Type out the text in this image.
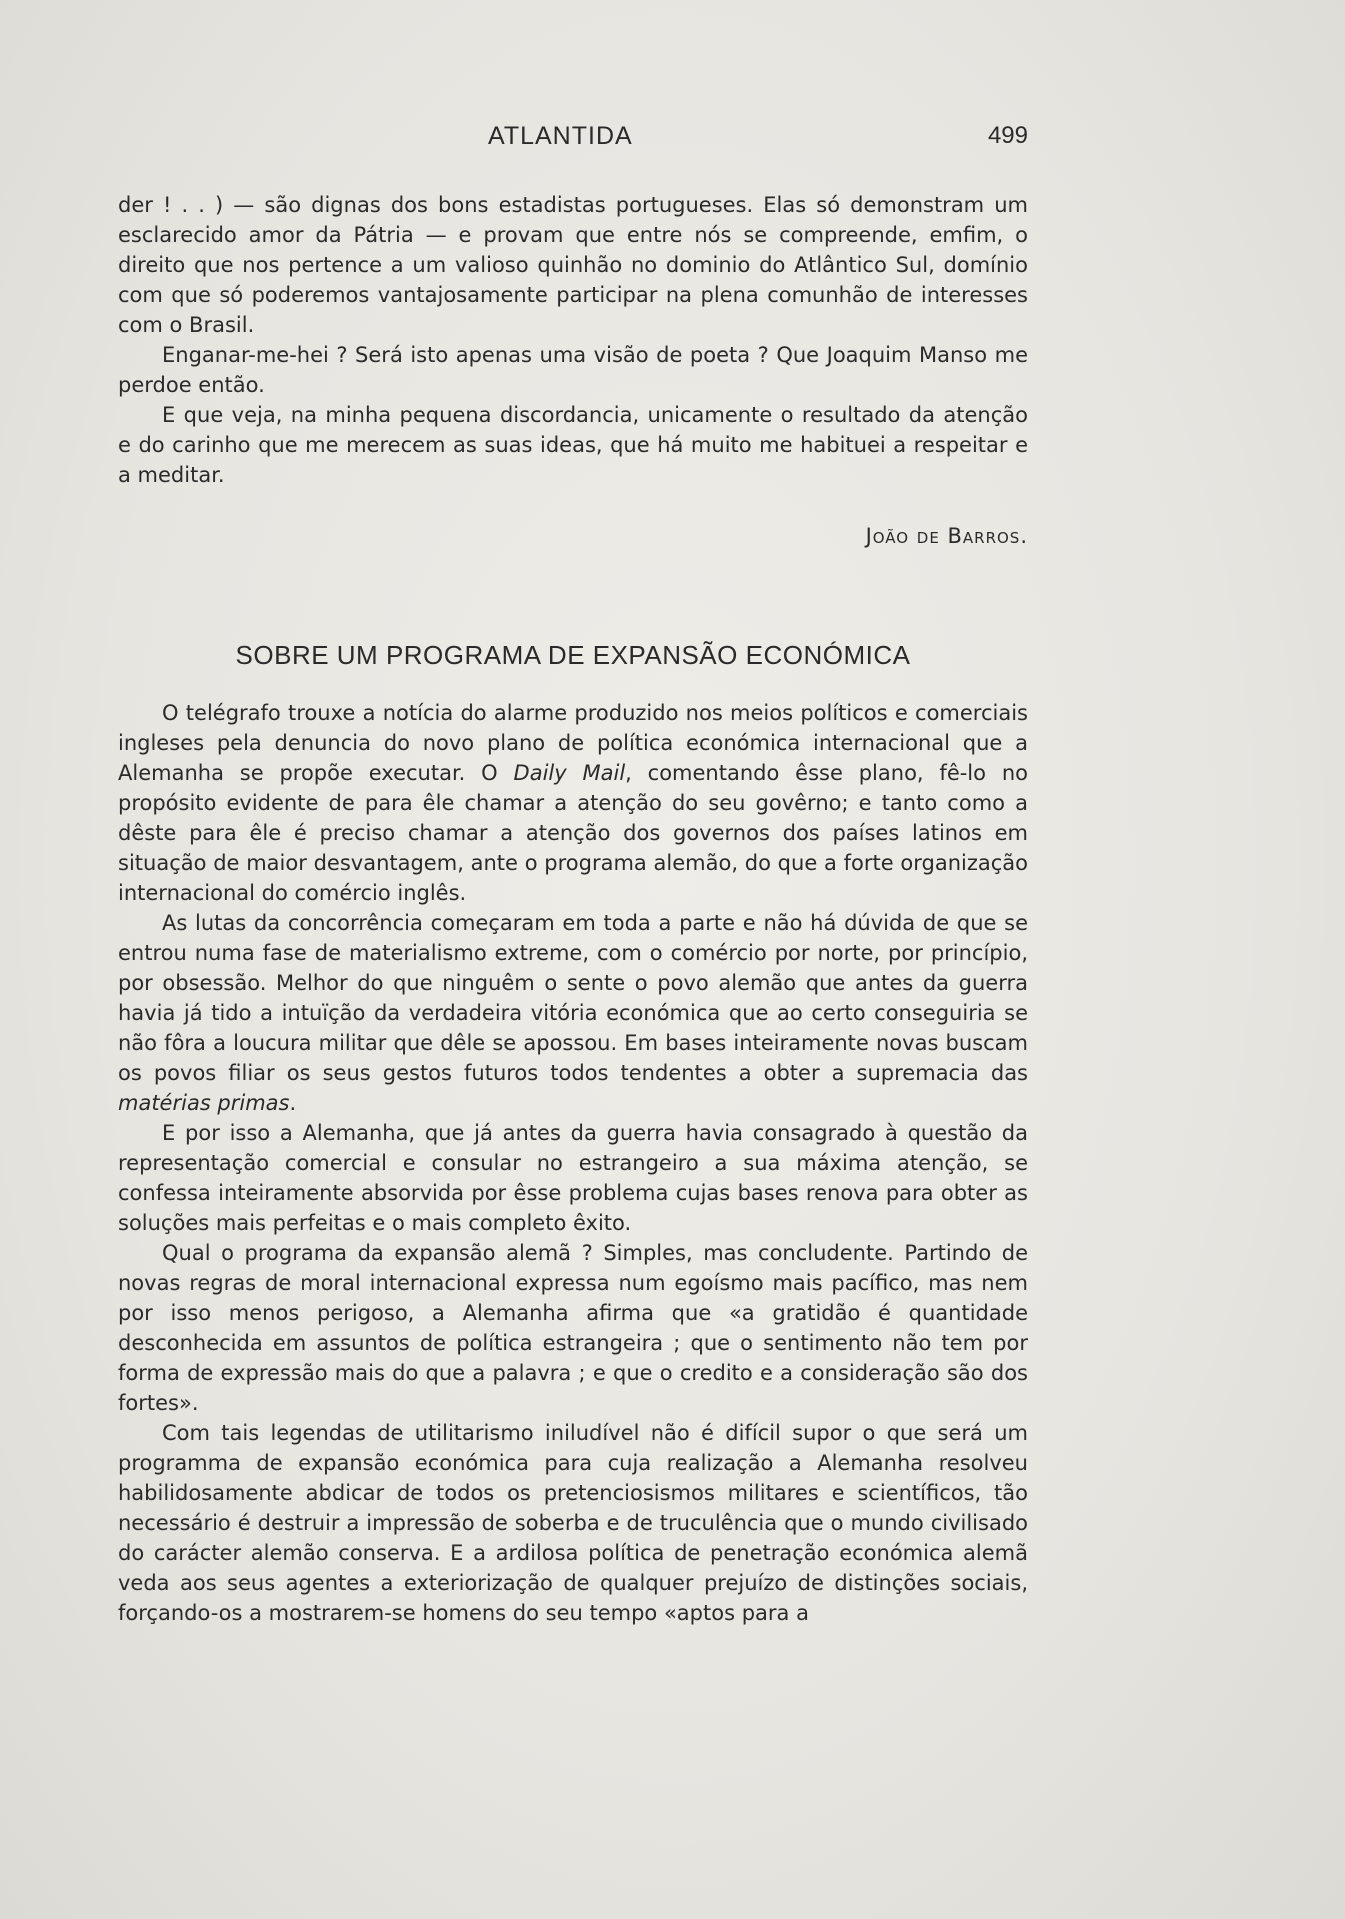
ATLANTIDA	499

der ! . . ) — são dignas dos bons estadistas portugueses. Elas só demonstram um esclarecido amor da Pátria — e provam que entre nós se compreende, emfim, o direito que nos pertence a um valioso quinhão no dominio do Atlântico Sul, domínio com que só poderemos vantajosamente participar na plena comunhão de interesses com o Brasil.

Enganar-me-hei ? Será isto apenas uma visão de poeta ? Que Joaquim Manso me perdoe então.

E que veja, na minha pequena discordancia, unicamente o resultado da atenção e do carinho que me merecem as suas ideas, que há muito me habituei a respeitar e a meditar.

João de Barros.
SOBRE UM PROGRAMA DE EXPANSÃO ECONÓMICA

O telégrafo trouxe a notícia do alarme produzido nos meios políticos e comerciais ingleses pela denuncia do novo plano de política económica internacional que a Alemanha se propõe executar. O Daily Mail, comentando êsse plano, fê-lo no propósito evidente de para êle chamar a atenção do seu govêrno; e tanto como a dêste para êle é preciso chamar a atenção dos governos dos países latinos em situação de maior desvantagem, ante o programa alemão, do que a forte organização internacional do comércio inglês.

As lutas da concorrência começaram em toda a parte e não há dúvida de que se entrou numa fase de materialismo extreme, com o comércio por norte, por princípio, por obsessão. Melhor do que ninguêm o sente o povo alemão que antes da guerra havia já tido a intuïção da verdadeira vitória económica que ao certo conseguiria se não fôra a loucura militar que dêle se apossou. Em bases inteiramente novas buscam os povos filiar os seus gestos futuros todos tendentes a obter a supremacia das matérias primas.

E por isso a Alemanha, que já antes da guerra havia consagrado à questão da representação comercial e consular no estrangeiro a sua máxima atenção, se confessa inteiramente absorvida por êsse problema cujas bases renova para obter as soluções mais perfeitas e o mais completo êxito.

Qual o programa da expansão alemã ? Simples, mas concludente. Partindo de novas regras de moral internacional expressa num egoísmo mais pacífico, mas nem por isso menos perigoso, a Alemanha afirma que «a gratidão é quantidade desconhecida em assuntos de política estrangeira ; que o sentimento não tem por forma de expressão mais do que a palavra ; e que o credito e a consideração são dos fortes».

Com tais legendas de utilitarismo iniludível não é difícil supor o que será um programma de expansão económica para cuja realização a Alemanha resolveu habilidosamente abdicar de todos os pretenciosismos militares e scientíficos, tão necessário é destruir a impressão de soberba e de truculência que o mundo civilisado do carácter alemão conserva. E a ardilosa política de penetração económica alemã veda aos seus agentes a exteriorização de qualquer prejuízo de distinções sociais, forçando-os a mostrarem-se homens do seu tempo «aptos para a
